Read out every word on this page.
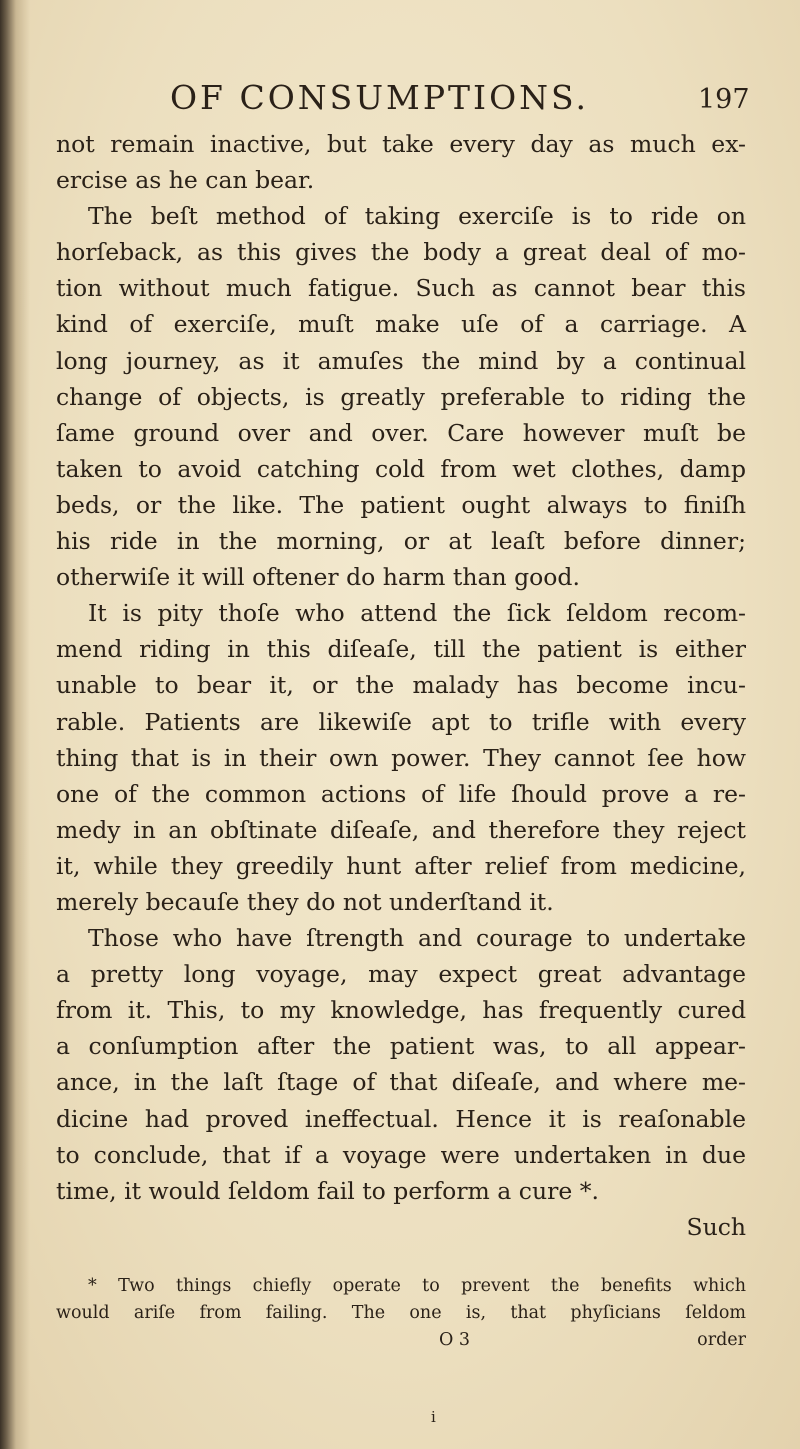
OF CONSUMPTIONS.	197
not remain inactive, but take every day as much ex-
ercise as he can bear.
The beſt method of taking exerciſe is to ride on
horſeback, as this gives the body a great deal of mo-
tion without much fatigue. Such as cannot bear this
kind of exerciſe, muſt make uſe of a carriage. A
long journey, as it amuſes the mind by a continual
change of objects, is greatly preferable to riding the
ſame ground over and over. Care however muſt be
taken to avoid catching cold from wet clothes, damp
beds, or the like. The patient ought always to finiſh
his ride in the morning, or at leaſt before dinner;
otherwiſe it will oftener do harm than good.
It is pity thoſe who attend the ſick ſeldom recom-
mend riding in this diſeaſe, till the patient is either
unable to bear it, or the malady has become incu-
rable. Patients are likewiſe apt to trifle with every
thing that is in their own power. They cannot ſee how
one of the common actions of life ſhould prove a re-
medy in an obſtinate diſeaſe, and therefore they reject
it, while they greedily hunt after relief from medicine,
merely becauſe they do not underſtand it.
Those who have ſtrength and courage to undertake
a pretty long voyage, may expect great advantage
from it. This, to my knowledge, has frequently cured
a conſumption after the patient was, to all appear-
ance, in the laſt ſtage of that diſeaſe, and where me-
dicine had proved ineffectual. Hence it is reaſonable
to conclude, that if a voyage were undertaken in due
time, it would ſeldom fail to perform a cure *.
Such
* Two things chiefly operate to prevent the benefits which
would ariſe from failing. The one is, that phyſicians ſeldom
O 3	order
i
